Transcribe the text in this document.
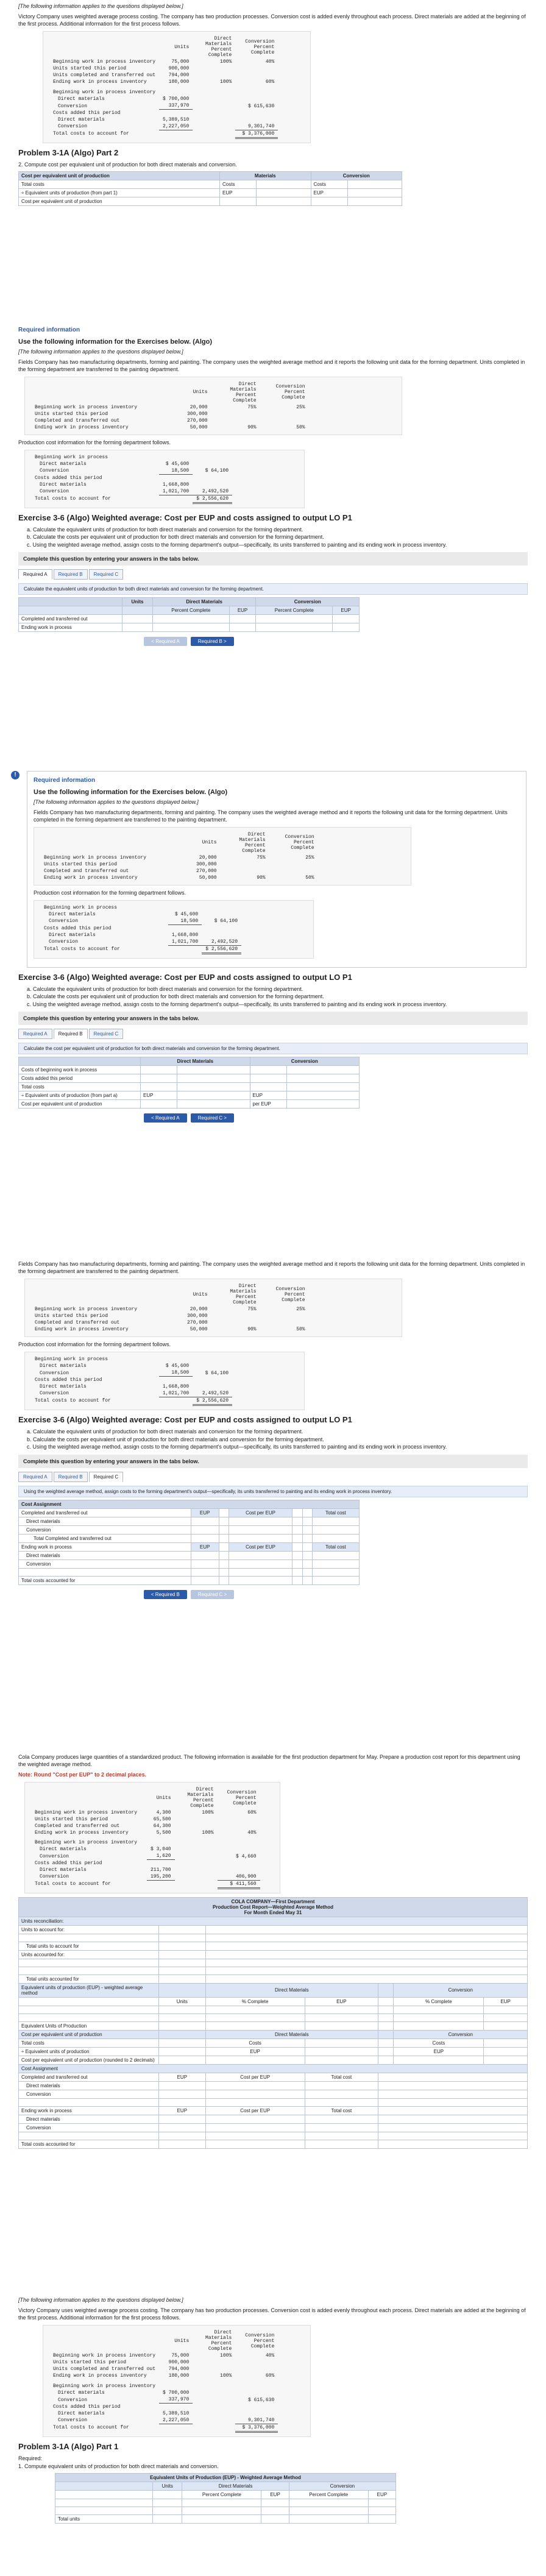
[The following information applies to the questions displayed below.]

Victory Company uses weighted average process costing. The company has two production processes. Conversion cost is added evenly throughout each process. Direct materials are added at the beginning of the first process. Additional information for the first process follows.

	Units	Direct Materials Percent Complete	Conversion Percent Complete
Beginning work in process inventory	75,000	100%	40%
Units started this period	900,000		
Units completed and transferred out	794,000		
Ending work in process inventory	180,000	100%	60%

Beginning work in process inventory			
Direct materials	$ 700,000		
Conversion	337,970		$ 615,630
Costs added this period			
Direct materials	5,389,510		
Conversion	2,227,050		9,301,740
Total costs to account for			$ 3,376,000
Problem 3-1A (Algo) Part 2

2. Compute cost per equivalent unit of production for both direct materials and conversion.

Cost per equivalent unit of production	Materials		Conversion	
Total costs	Costs		Costs	
÷ Equivalent units of production (from part 1)	EUP		EUP	
Cost per equivalent unit of production				

Required information

Use the following information for the Exercises below. (Algo)

[The following information applies to the questions displayed below.]

Fields Company has two manufacturing departments, forming and painting. The company uses the weighted average method and it reports the following unit data for the forming department. Units completed in the forming department are transferred to the painting department.

	Units	Direct Materials Percent Complete	Conversion Percent Complete
Beginning work in process inventory	20,000	75%	25%
Units started this period	300,000		
Completed and transferred out	270,000		
Ending work in process inventory	50,000	90%	50%

Production cost information for the forming department follows.

Beginning work in process		
Direct materials	$ 45,600	
Conversion	18,500	$ 64,100
Costs added this period		
Direct materials	1,668,800	
Conversion	1,021,700	2,492,520
Total costs to account for		$ 2,556,620
Exercise 3-6 (Algo) Weighted average: Cost per EUP and costs assigned to output LO P1
a. Calculate the equivalent units of production for both direct materials and conversion for the forming department.
b. Calculate the costs per equivalent unit of production for both direct materials and conversion for the forming department.
c. Using the weighted average method, assign costs to the forming department's output—specifically, its units transferred to painting and its ending work in process inventory.
Complete this question by entering your answers in the tabs below.
Required A	Required B	Required C
Calculate the equivalent units of production for both direct materials and conversion for the forming department.
	Units	Direct Materials		Conversion	
		Percent Complete	EUP	Percent Complete	EUP
Completed and transferred out					
Ending work in process					
< Required A	Required B >
!

Required information

Use the following information for the Exercises below. (Algo)

[The following information applies to the questions displayed below.]

Fields Company has two manufacturing departments, forming and painting. The company uses the weighted average method and it reports the following unit data for the forming department. Units completed in the forming department are transferred to the painting department.

	Units	Direct Materials Percent Complete	Conversion Percent Complete
Beginning work in process inventory	20,000	75%	25%
Units started this period	300,000		
Completed and transferred out	270,000		
Ending work in process inventory	50,000	90%	50%

Production cost information for the forming department follows.

Beginning work in process		
Direct materials	$ 45,600	
Conversion	18,500	$ 64,100
Costs added this period		
Direct materials	1,668,800	
Conversion	1,021,700	2,492,520
Total costs to account for		$ 2,556,620
Exercise 3-6 (Algo) Weighted average: Cost per EUP and costs assigned to output LO P1
a. Calculate the equivalent units of production for both direct materials and conversion for the forming department.
b. Calculate the costs per equivalent unit of production for both direct materials and conversion for the forming department.
c. Using the weighted average method, assign costs to the forming department's output—specifically, its units transferred to painting and its ending work in process inventory.
Complete this question by entering your answers in the tabs below.
Required A	Required B	Required C
Calculate the cost per equivalent unit of production for both direct materials and conversion for the forming department.
	Direct Materials		Conversion	
Costs of beginning work in process				
Costs added this period				
Total costs				
÷ Equivalent units of production (from part a)	EUP		EUP	
Cost per equivalent unit of production			per EUP	
< Required A	Required C >

Fields Company has two manufacturing departments, forming and painting. The company uses the weighted average method and it reports the following unit data for the forming department. Units completed in the forming department are transferred to the painting department.

	Units	Direct Materials Percent Complete	Conversion Percent Complete
Beginning work in process inventory	20,000	75%	25%
Units started this period	300,000		
Completed and transferred out	270,000		
Ending work in process inventory	50,000	90%	50%

Production cost information for the forming department follows.

Beginning work in process		
Direct materials	$ 45,600	
Conversion	18,500	$ 64,100
Costs added this period		
Direct materials	1,668,800	
Conversion	1,021,700	2,492,520
Total costs to account for		$ 2,556,620
Exercise 3-6 (Algo) Weighted average: Cost per EUP and costs assigned to output LO P1
a. Calculate the equivalent units of production for both direct materials and conversion for the forming department.
b. Calculate the costs per equivalent unit of production for both direct materials and conversion for the forming department.
c. Using the weighted average method, assign costs to the forming department's output—specifically, its units transferred to painting and its ending work in process inventory.
Complete this question by entering your answers in the tabs below.
Required A	Required B	Required C
Using the weighted average method, assign costs to the forming department's output—specifically, its units transferred to painting and its ending work in process inventory.
Cost Assignment						
Completed and transferred out	EUP		Cost per EUP			Total cost
Direct materials						
Conversion						
Total Completed and transferred out						
Ending work in process	EUP		Cost per EUP			Total cost
Direct materials						
Conversion						

Total costs accounted for						
< Required B	Required C >

Cola Company produces large quantities of a standardized product. The following information is available for the first production department for May. Prepare a production cost report for this department using the weighted average method.

Note: Round "Cost per EUP" to 2 decimal places.

	Units	Direct Materials Percent Complete	Conversion Percent Complete
Beginning work in process inventory	4,300	100%	60%
Units started this period	65,500		
Completed and transferred out	64,300		
Ending work in process inventory	5,500	100%	40%

Beginning work in process inventory			
Direct materials	$ 3,040		
Conversion	1,620		$ 4,660
Costs added this period			
Direct materials	211,700		
Conversion	195,200		406,900
Total costs to account for			$ 411,560
COLA COMPANY—First Department
Production Cost Report—Weighted Average Method
For Month Ended May 31						

Units reconciliation:						
Units to account for:						

Total units to account for						
Units accounted for:						

Total units accounted for						
Equivalent units of production (EUP) - weighted average method		Direct Materials			Conversion	
	Units	% Complete	EUP		% Complete	EUP

Equivalent Units of Production						
Cost per equivalent unit of production		Direct Materials			Conversion	
Total costs		Costs			Costs	
÷ Equivalent units of production		EUP			EUP	
Cost per equivalent unit of production (rounded to 2 decimals)						
Cost Assignment						
Completed and transferred out	EUP	Cost per EUP	Total cost			
Direct materials						
Conversion						

Ending work in process	EUP	Cost per EUP	Total cost			
Direct materials						
Conversion						

Total costs accounted for						

[The following information applies to the questions displayed below.]

Victory Company uses weighted average process costing. The company has two production processes. Conversion cost is added evenly throughout each process. Direct materials are added at the beginning of the first process. Additional information for the first process follows.

	Units	Direct Materials Percent Complete	Conversion Percent Complete
Beginning work in process inventory	75,000	100%	40%
Units started this period	900,000		
Units completed and transferred out	794,000		
Ending work in process inventory	180,000	100%	60%

Beginning work in process inventory			
Direct materials	$ 700,000		
Conversion	337,970		$ 615,630
Costs added this period			
Direct materials	5,389,510		
Conversion	2,227,050		9,301,740
Total costs to account for			$ 3,376,000
Problem 3-1A (Algo) Part 1

Required:

1. Compute equivalent units of production for both direct materials and conversion.

Equivalent Units of Production (EUP) - Weighted Average Method					
	Units	Direct Materials		Conversion	
		Percent Complete	EUP	Percent Complete	EUP

Total units					
